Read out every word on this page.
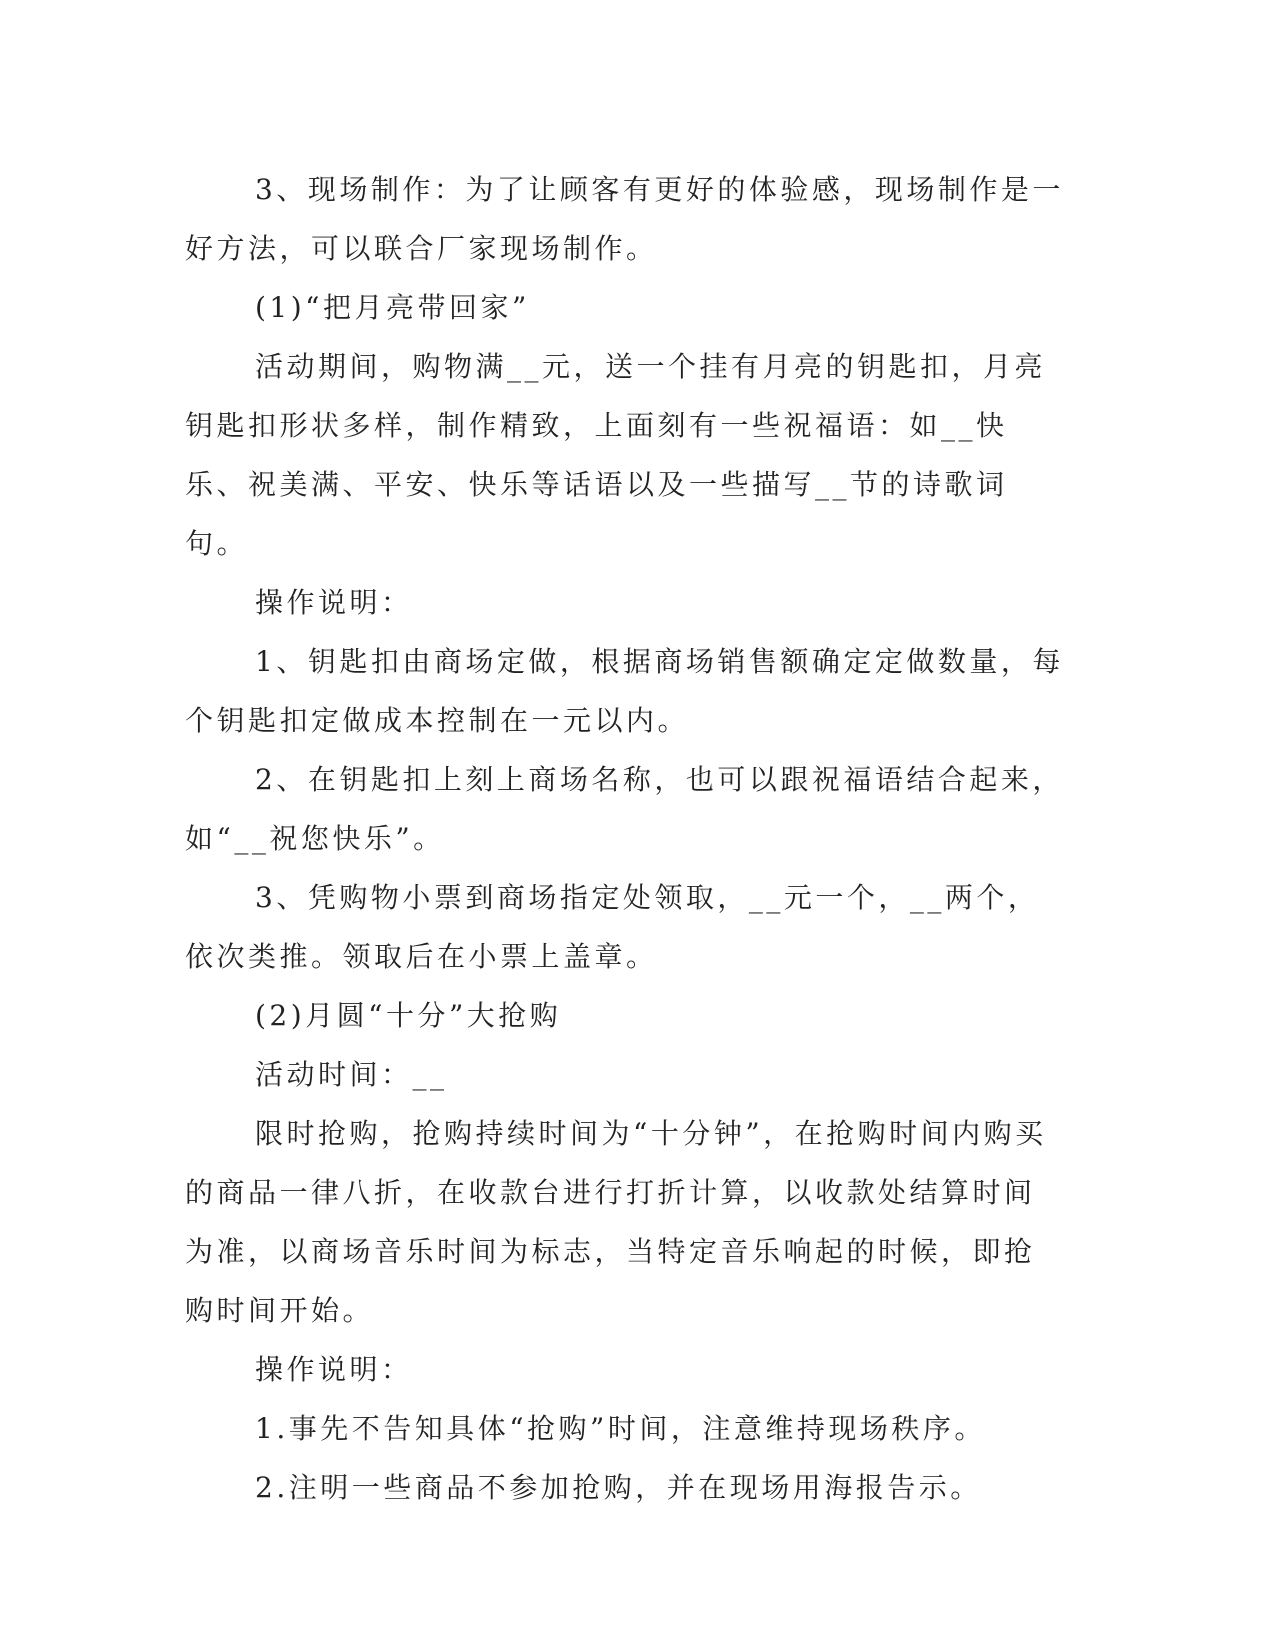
3、现场制作：为了让顾客有更好的体验感，现场制作是一好方法，可以联合厂家现场制作。

(1)“把月亮带回家”

活动期间，购物满__元，送一个挂有月亮的钥匙扣，月亮钥匙扣形状多样，制作精致，上面刻有一些祝福语：如__快乐、祝美满、平安、快乐等话语以及一些描写__节的诗歌词句。

操作说明：

1、钥匙扣由商场定做，根据商场销售额确定定做数量，每个钥匙扣定做成本控制在一元以内。

2、在钥匙扣上刻上商场名称，也可以跟祝福语结合起来，如“__祝您快乐”。

3、凭购物小票到商场指定处领取，__元一个，__两个，依次类推。领取后在小票上盖章。

(2)月圆“十分”大抢购

活动时间：__

限时抢购，抢购持续时间为“十分钟”，在抢购时间内购买的商品一律八折，在收款台进行打折计算，以收款处结算时间为准，以商场音乐时间为标志，当特定音乐响起的时候，即抢购时间开始。

操作说明：

1.事先不告知具体“抢购”时间，注意维持现场秩序。

2.注明一些商品不参加抢购，并在现场用海报告示。
